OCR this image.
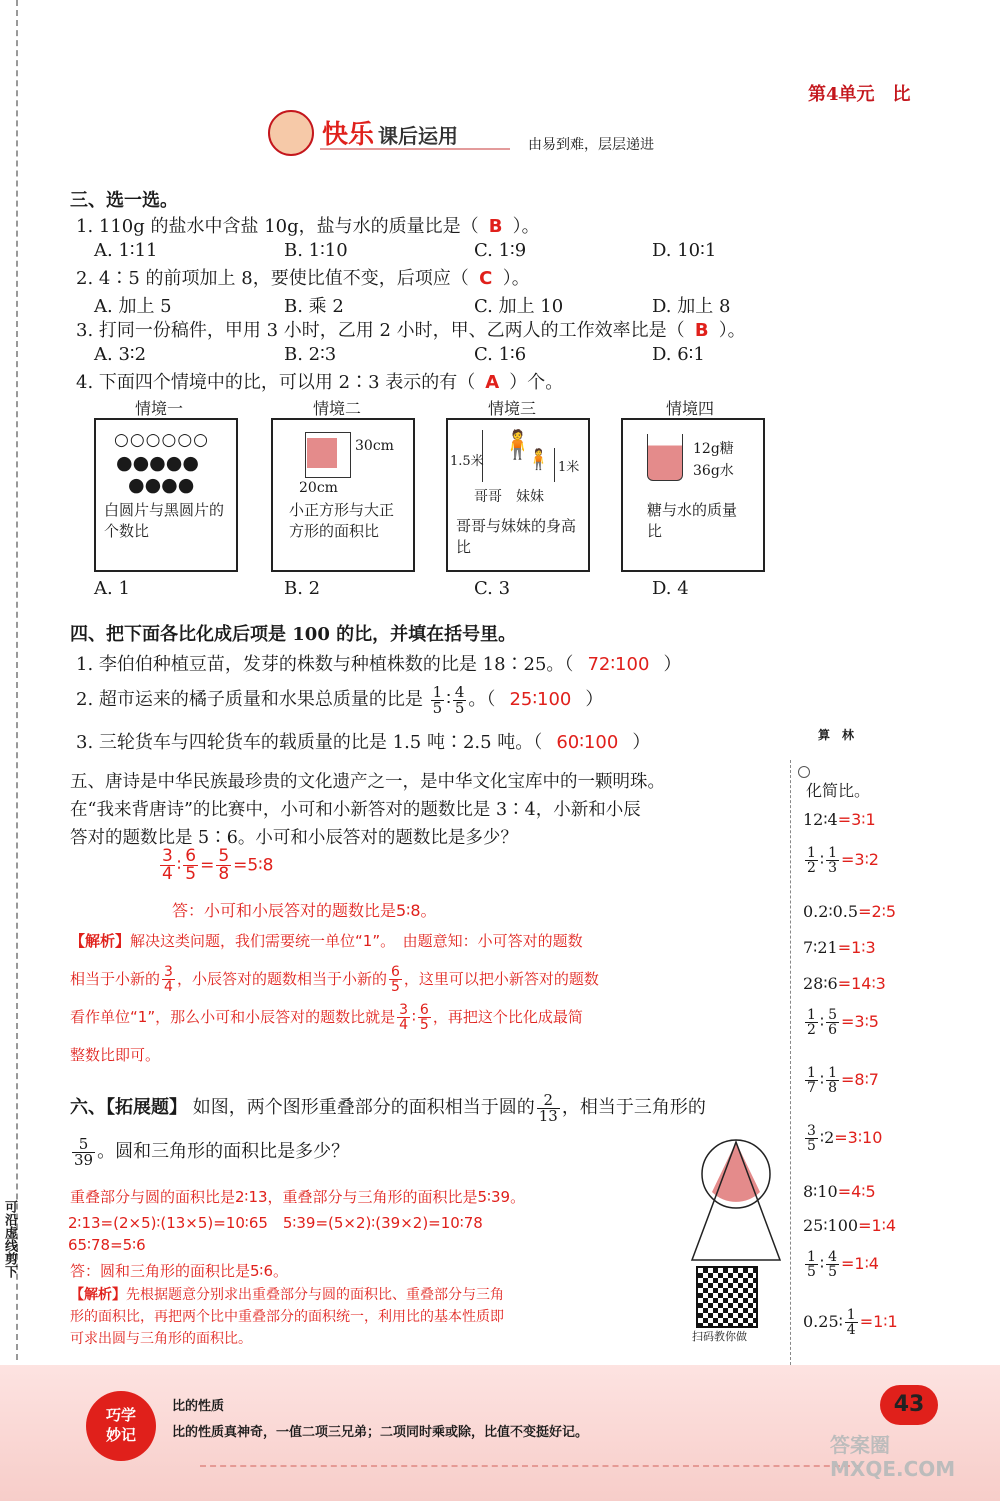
可沿虚线剪下
第4单元　比
快乐 课后运用	由易到难，层层递进
三、选一选。
1. 110g 的盐水中含盐 10g，盐与水的质量比是（ B ）。
A. 1∶11	B. 1∶10	C. 1∶9	D. 10∶1
2. 4∶5 的前项加上 8，要使比值不变，后项应（ C ）。
A. 加上 5	B. 乘 2	C. 加上 10	D. 加上 8
3. 打同一份稿件，甲用 3 小时，乙用 2 小时，甲、乙两人的工作效率比是（ B ）。
A. 3∶2	B. 2∶3	C. 1∶6	D. 6∶1
4. 下面四个情境中的比，可以用 2∶3 表示的有（ A ）个。
情境一
○○○○○○
●●●●●
●●●●
白圆片与黑圆片的个数比
A. 1
情境二
30cm
20cm
小正方形与大正方形的面积比
B. 2
情境三
1.5米
🧍
🧍 1米
哥哥　妹妹
哥哥与妹妹的身高比
C. 3
情境四
12g糖
36g水
糖与水的质量比
D. 4
四、把下面各比化成后项是 100 的比，并填在括号里。
1. 李伯伯种植豆苗，发芽的株数与种植株数的比是 18∶25。（ 72∶100 ）
2. 超市运来的橘子质量和水果总质量的比是 $\frac{1}{5}$ ∶ $\frac{4}{5}$ 。（ 25∶100 ）
3. 三轮货车与四轮货车的载质量的比是 1.5 吨∶2.5 吨。（ 60∶100 ）
五、唐诗是中华民族最珍贵的文化遗产之一，是中华文化宝库中的一颗明珠。
在“我来背唐诗”的比赛中，小可和小新答对的题数比是 3∶4，小新和小辰
答对的题数比是 5∶6。小可和小辰答对的题数比是多少？
$\frac{3}{4}$ ∶ $\frac{6}{5} = \frac{5}{8}$ =5∶8
答：小可和小辰答对的题数比是5∶8。
【解析】解决这类问题，我们需要统一单位“1”。　由题意知：小可答对的题数
相当于小新的 $\frac{3}{4}$ ，小辰答对的题数相当于小新的 $\frac{6}{5}$ ，这里可以把小新答对的题数
看作单位“1”，那么小可和小辰答对的题数比就是 $\frac{3}{4}$ ∶ $\frac{6}{5}$ ，再把这个比化成最简
整数比即可。
六、【拓展题】 如图，两个图形重叠部分的面积相当于圆的 $\frac{2}{13}$ ，相当于三角形的
$\frac{5}{39}$ 。圆和三角形的面积比是多少？
重叠部分与圆的面积比是2∶13，重叠部分与三角形的面积比是5∶39。
2∶13=(2×5)∶(13×5)=10∶65　5∶39=(5×2)∶(39×2)=10∶78
65∶78=5∶6
答：圆和三角形的面积比是5∶6。
【解析】先根据题意分别求出重叠部分与圆的面积比、重叠部分与三角
形的面积比，再把两个比中重叠部分的面积统一，利用比的基本性质即
可求出圆与三角形的面积比。	扫码教你做
算　林
化简比。
12∶4=3∶1
$\frac{1}{2}$ ∶ $\frac{1}{3}$ =3∶2
0.2∶0.5=2∶5
7∶21=1∶3
28∶6=14∶3
$\frac{1}{2}$ ∶ $\frac{5}{6}$ =3∶5
$\frac{1}{7}$ ∶ $\frac{1}{8}$ =8∶7
$\frac{3}{5}$ ∶2=3∶10
8∶10=4∶5
25∶100=1∶4
$\frac{1}{5}$ ∶ $\frac{4}{5}$ =1∶4
0.25∶ $\frac{1}{4}$ =1∶1
巧学妙记
比的性质
比的性质真神奇，一值二项三兄弟；二项同时乘或除，比值不变挺好记。
43
答案圈 MXQE.COM
